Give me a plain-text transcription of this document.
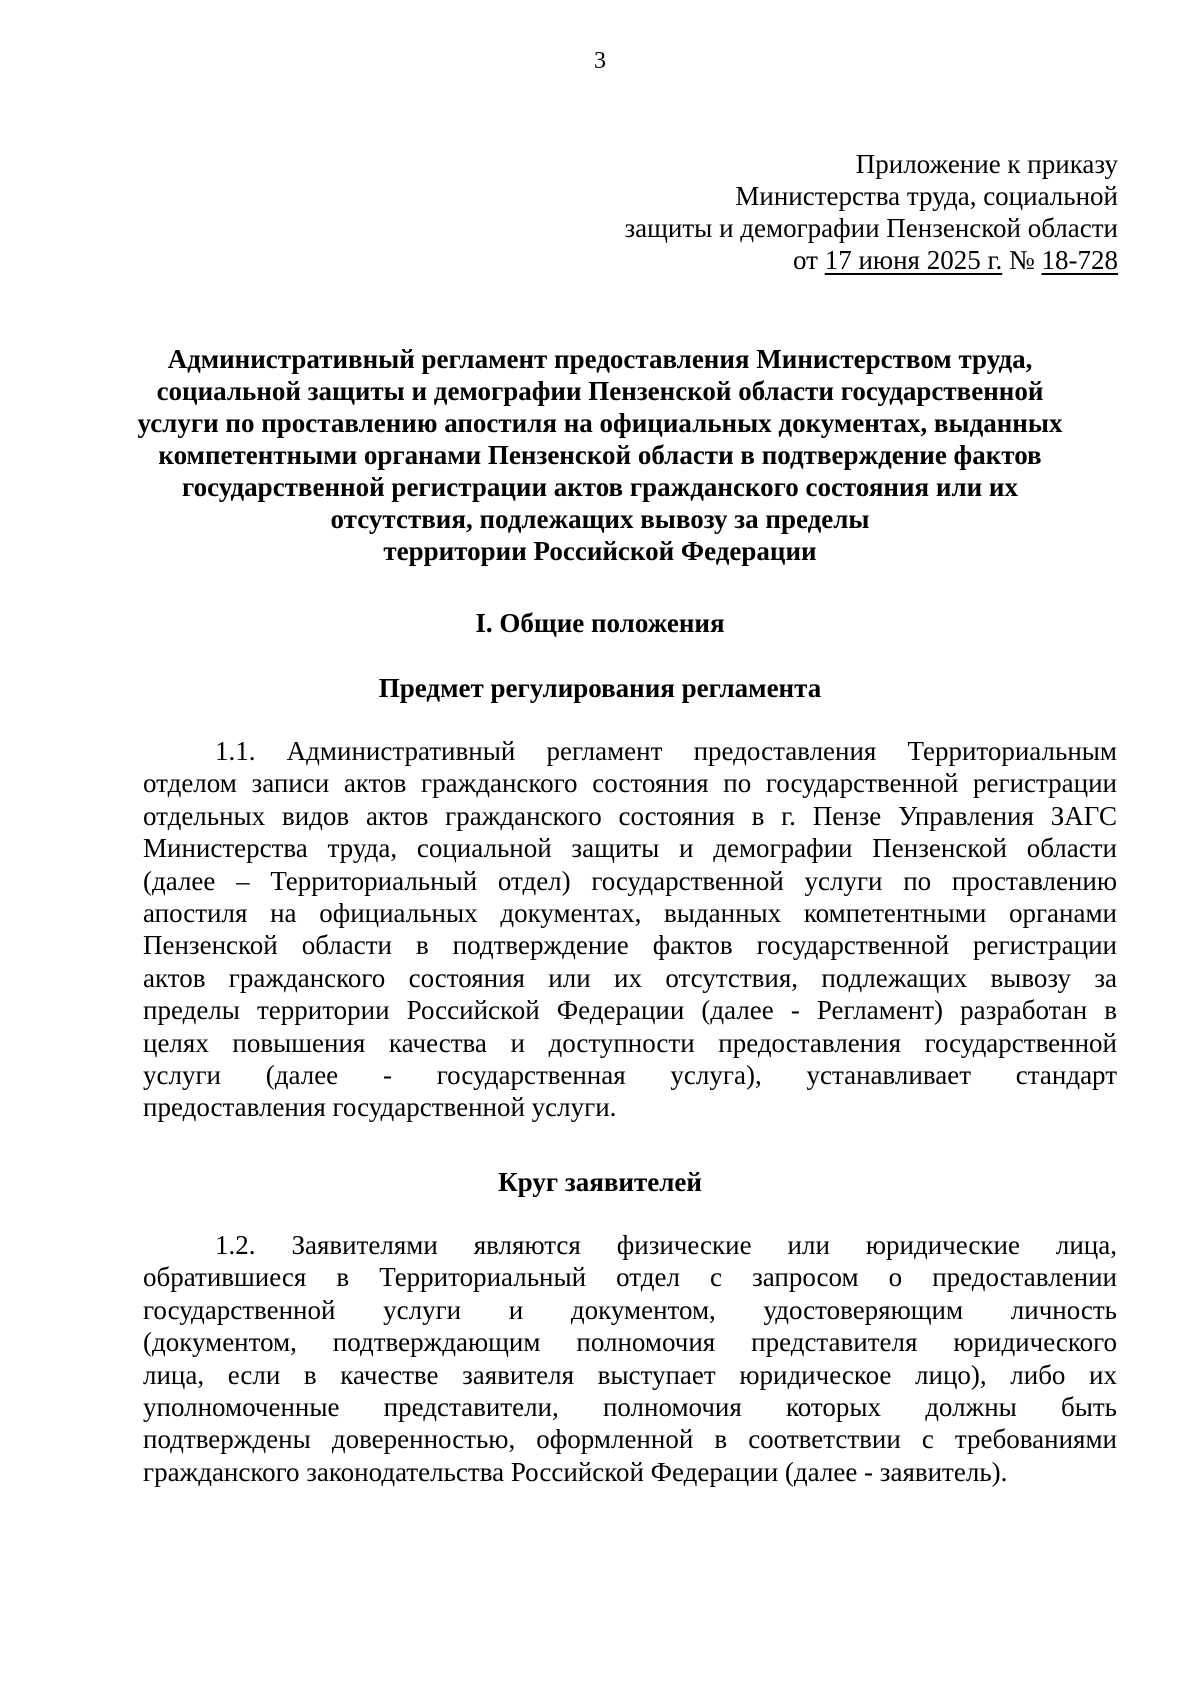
3
Приложение к приказу
Министерства труда, социальной
защиты и демографии Пензенской области
от 17 июня 2025 г. № 18-728
Административный регламент предоставления Министерством труда,
социальной защиты и демографии Пензенской области государственной
услуги по проставлению апостиля на официальных документах, выданных
компетентными органами Пензенской области в подтверждение фактов
государственной регистрации актов гражданского состояния или их
отсутствия, подлежащих вывозу за пределы
территории Российской Федерации
I. Общие положения
Предмет регулирования регламента
1.1. Административный регламент предоставления Территориальным
отделом записи актов гражданского состояния по государственной регистрации
отдельных видов актов гражданского состояния в г. Пензе Управления ЗАГС
Министерства труда, социальной защиты и демографии Пензенской области
(далее – Территориальный отдел) государственной услуги по проставлению
апостиля на официальных документах, выданных компетентными органами
Пензенской области в подтверждение фактов государственной регистрации
актов гражданского состояния или их отсутствия, подлежащих вывозу за
пределы территории Российской Федерации (далее - Регламент) разработан в
целях повышения качества и доступности предоставления государственной
услуги (далее - государственная услуга), устанавливает стандарт
предоставления государственной услуги.
Круг заявителей
1.2. Заявителями являются физические или юридические лица,
обратившиеся в Территориальный отдел с запросом о предоставлении
государственной услуги и документом, удостоверяющим личность
(документом, подтверждающим полномочия представителя юридического
лица, если в качестве заявителя выступает юридическое лицо), либо их
уполномоченные представители, полномочия которых должны быть
подтверждены доверенностью, оформленной в соответствии с требованиями
гражданского законодательства Российской Федерации (далее - заявитель).
